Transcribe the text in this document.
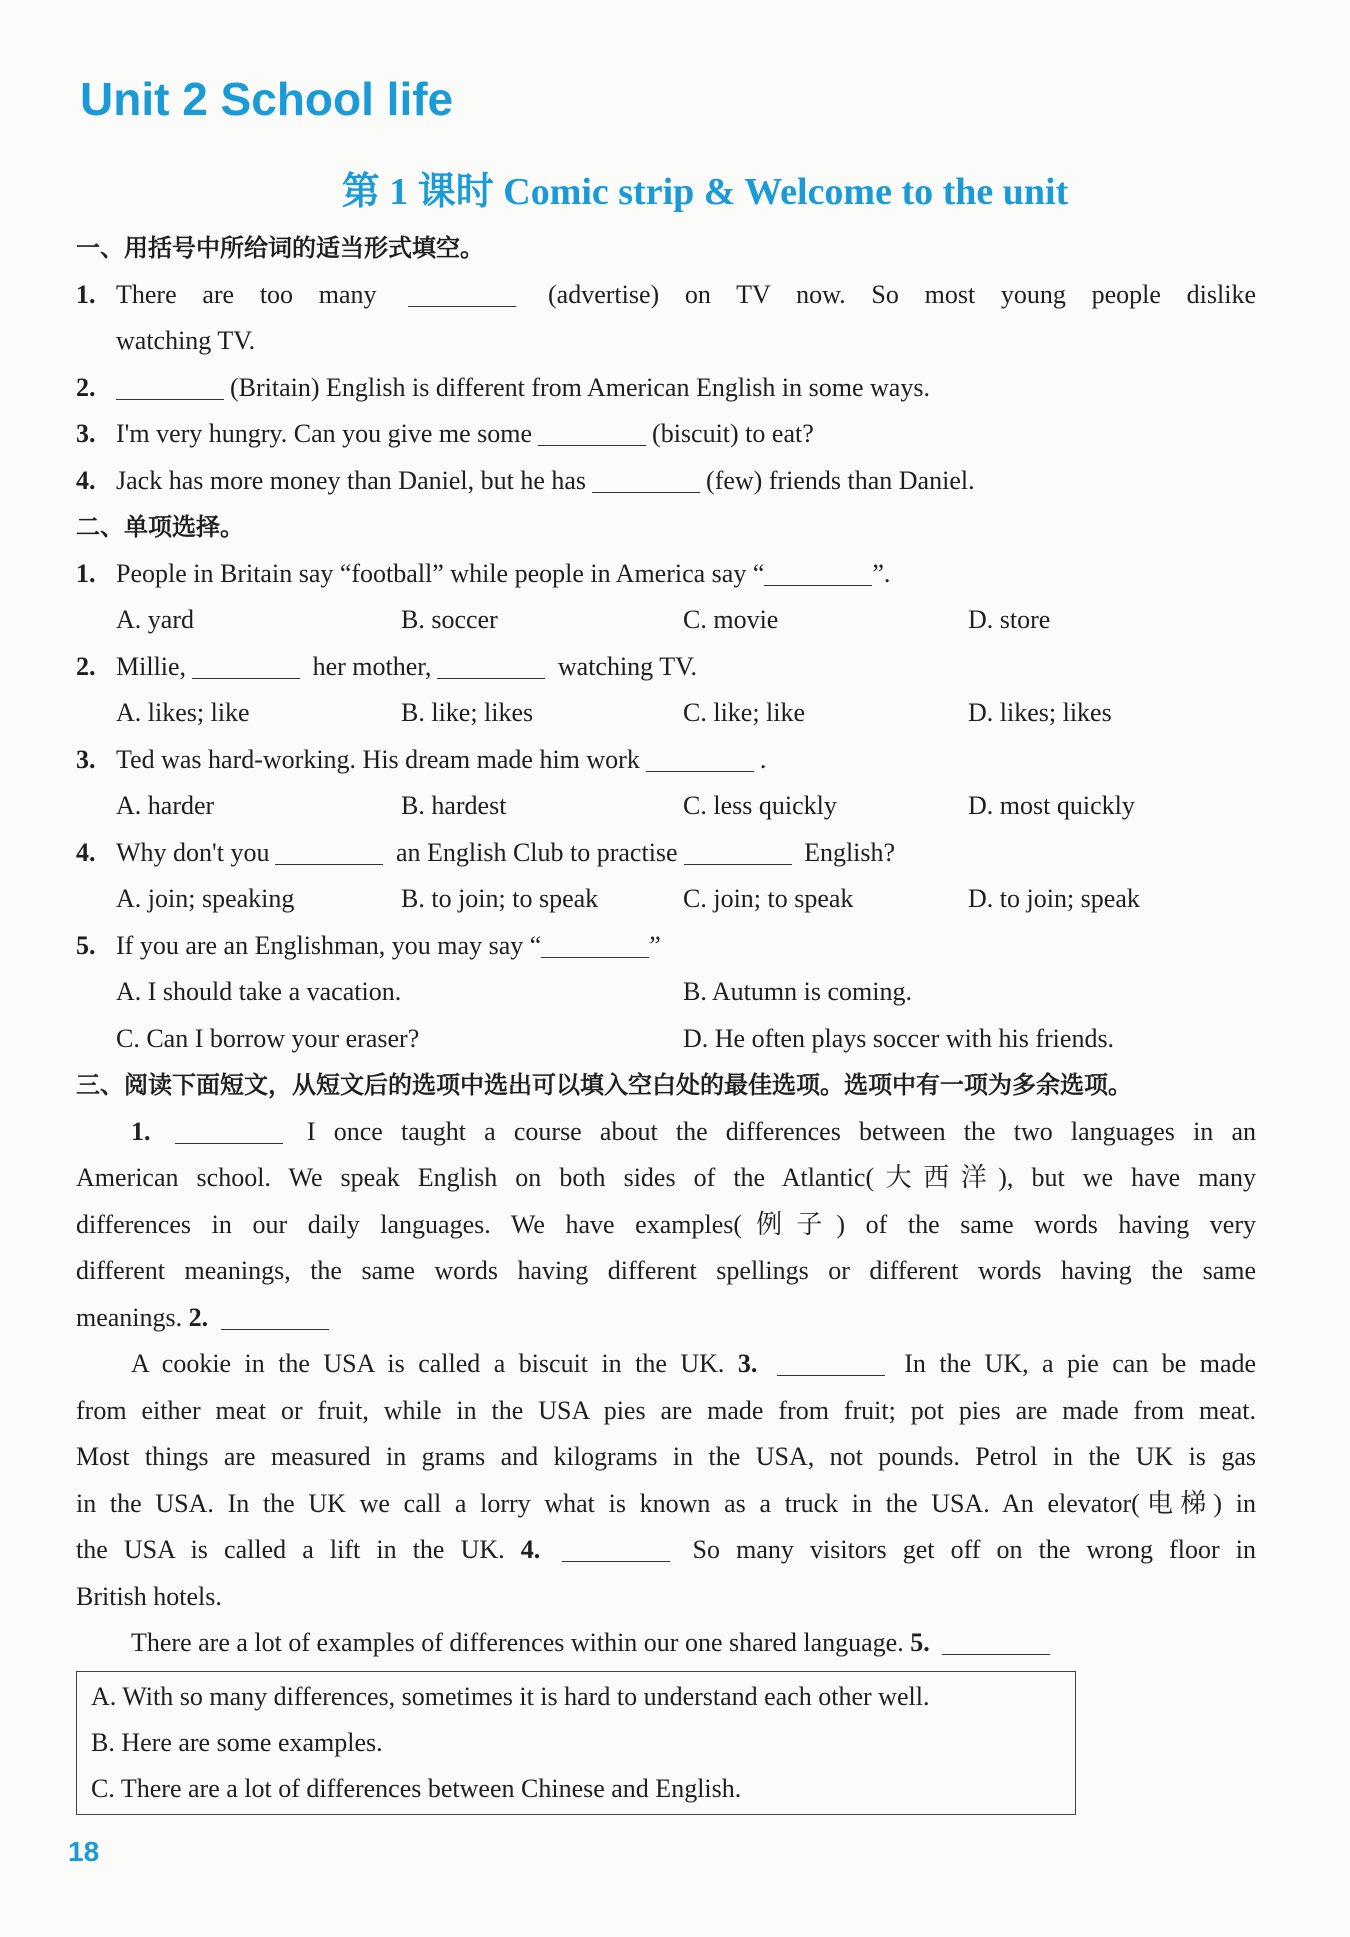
Unit 2 School life
第 1 课时 Comic strip & Welcome to the unit
一、用括号中所给词的适当形式填空。
1. There are too many	(advertise) on TV now. So most young people dislike
watching TV.
2.	(Britain) English is different from American English in some ways.
3. I'm very hungry. Can you give me some	(biscuit) to eat?
4. Jack has more money than Daniel, but he has	(few) friends than Daniel.
二、单项选择。
1. People in Britain say “football” while people in America say “	”.
A. yard	B. soccer	C. movie	D. store
2. Millie,	her mother,	watching TV.
A. likes; like	B. like; likes	C. like; like	D. likes; likes
3. Ted was hard-working. His dream made him work	.
A. harder	B. hardest	C. less quickly	D. most quickly
4. Why don't you	an English Club to practise	English?
A. join; speaking	B. to join; to speak	C. join; to speak	D. to join; speak
5. If you are an Englishman, you may say “	”
A. I should take a vacation.	B. Autumn is coming.
C. Can I borrow your eraser?	D. He often plays soccer with his friends.
三、阅读下面短文，从短文后的选项中选出可以填入空白处的最佳选项。选项中有一项为多余选项。
1.	I once taught a course about the differences between the two languages in an
American school. We speak English on both sides of the Atlantic(大西洋), but we have many
differences in our daily languages. We have examples(例子) of the same words having very
different meanings, the same words having different spellings or different words having the same
meanings. 2.
A cookie in the USA is called a biscuit in the UK. 3.	In the UK, a pie can be made
from either meat or fruit, while in the USA pies are made from fruit; pot pies are made from meat.
Most things are measured in grams and kilograms in the USA, not pounds. Petrol in the UK is gas
in the USA. In the UK we call a lorry what is known as a truck in the USA. An elevator(电梯) in
the USA is called a lift in the UK. 4.	So many visitors get off on the wrong floor in
British hotels.
There are a lot of examples of differences within our one shared language. 5.
A. With so many differences, sometimes it is hard to understand each other well.
B. Here are some examples.
C. There are a lot of differences between Chinese and English.
18
